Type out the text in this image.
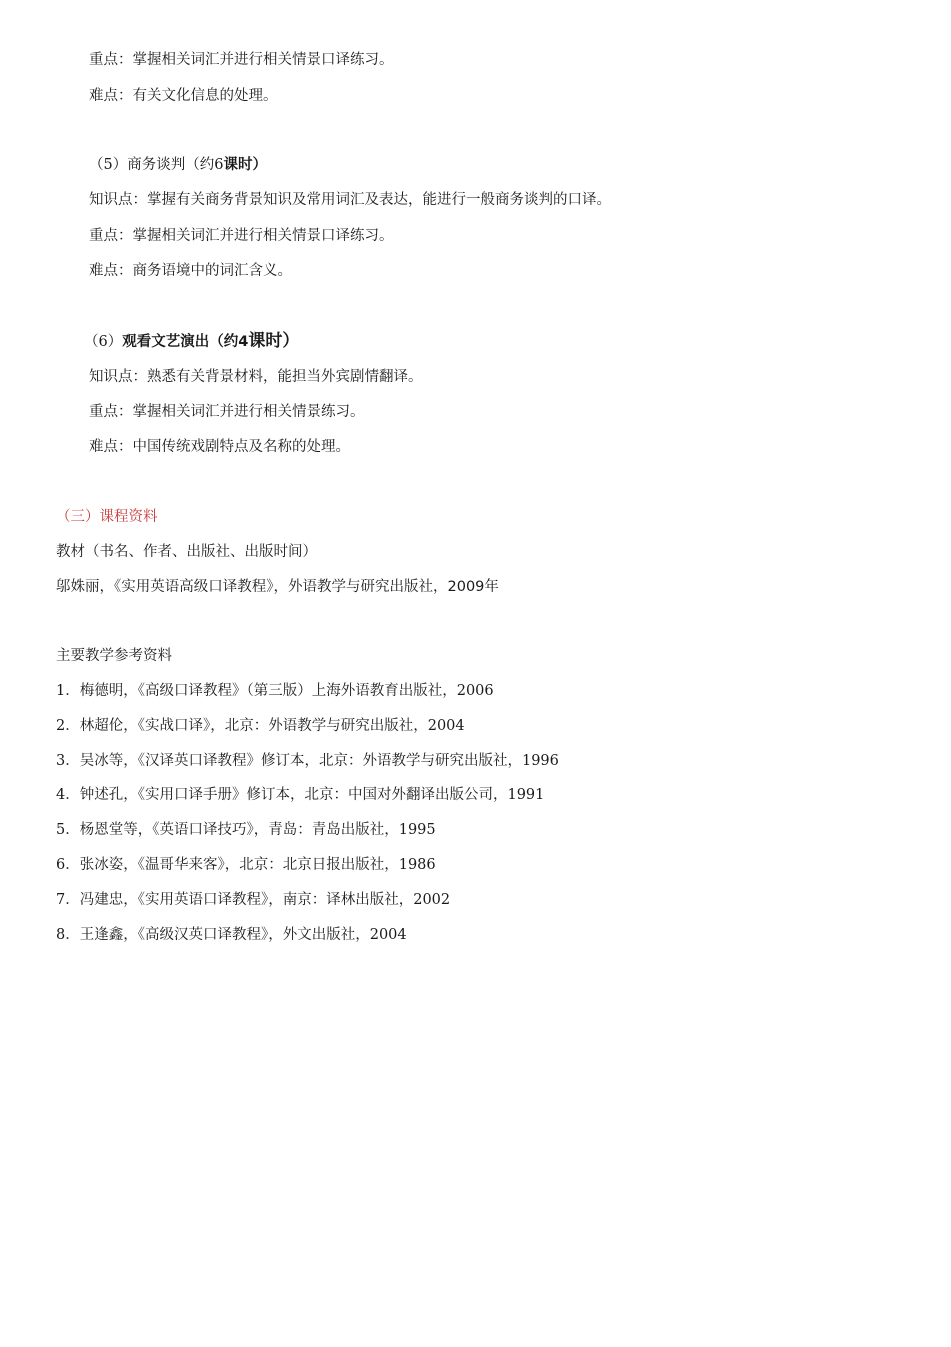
重点：掌握相关词汇并进行相关情景口译练习。
难点：有关文化信息的处理。
（5）商务谈判（约6课时）
知识点：掌握有关商务背景知识及常用词汇及表达，能进行一般商务谈判的口译。
重点：掌握相关词汇并进行相关情景口译练习。
难点：商务语境中的词汇含义。
（6）观看文艺演出（约4课时）
知识点：熟悉有关背景材料，能担当外宾剧情翻译。
重点：掌握相关词汇并进行相关情景练习。
难点：中国传统戏剧特点及名称的处理。
（三）课程资料
教材（书名、作者、出版社、出版时间）
邬姝丽，《实用英语高级口译教程》，外语教学与研究出版社，2009年
主要教学参考资料
1．梅德明，《高级口译教程》（第三版）上海外语教育出版社，2006
2．林超伦，《实战口译》，北京：外语教学与研究出版社，2004
3．吴冰等，《汉译英口译教程》修订本，北京：外语教学与研究出版社，1996
4．钟述孔，《实用口译手册》修订本，北京：中国对外翻译出版公司，1991
5．杨恩堂等，《英语口译技巧》，青岛：青岛出版社，1995
6．张冰姿，《温哥华来客》，北京：北京日报出版社，1986
7．冯建忠，《实用英语口译教程》，南京：译林出版社，2002
8．王逢鑫，《高级汉英口译教程》，外文出版社，2004
